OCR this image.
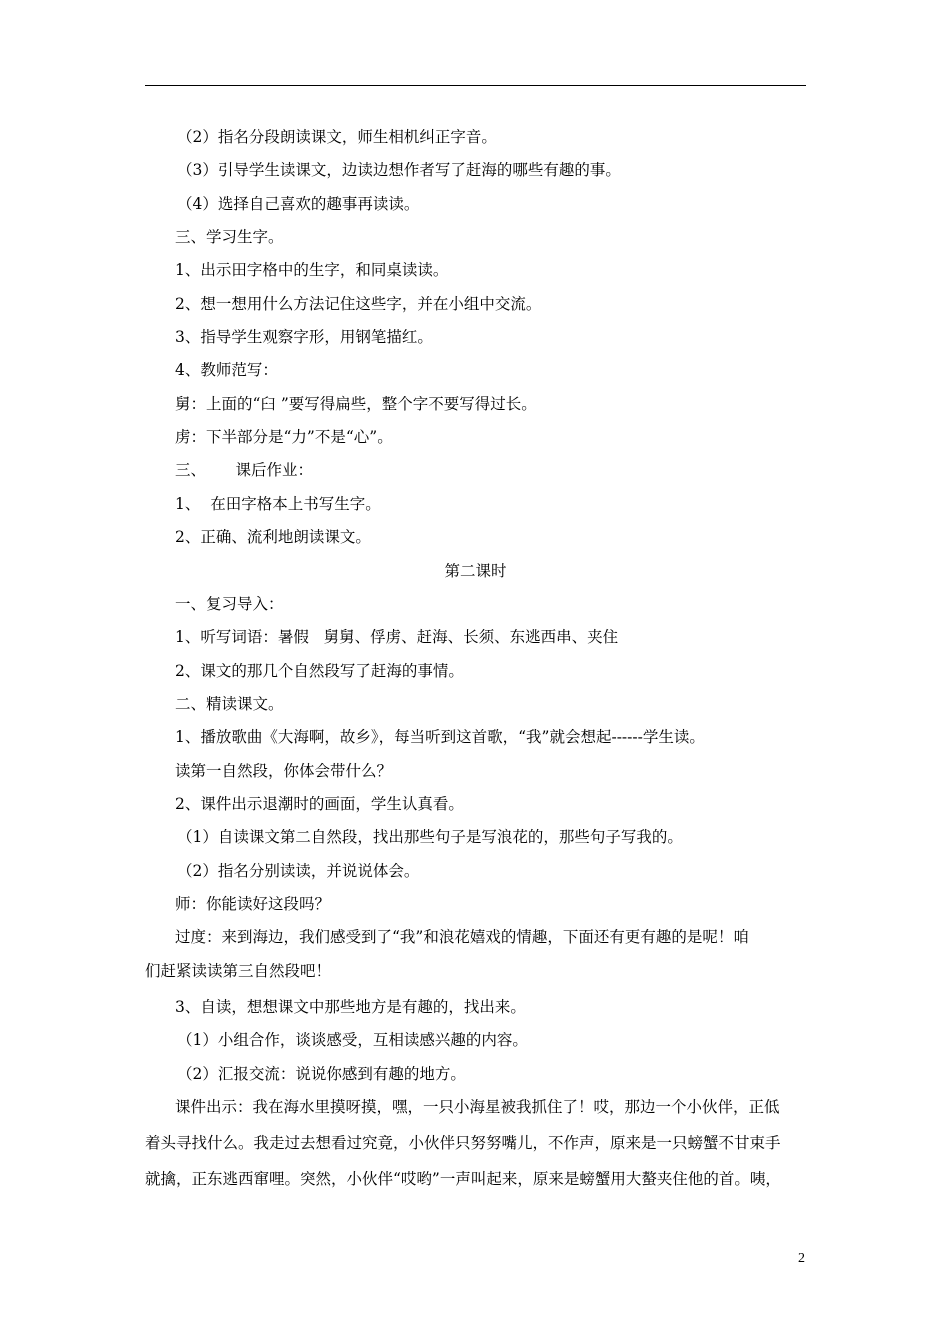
（2）指名分段朗读课文，师生相机纠正字音。
（3）引导学生读课文，边读边想作者写了赶海的哪些有趣的事。
（4）选择自己喜欢的趣事再读读。
三、学习生字。
1、出示田字格中的生字，和同桌读读。
2、想一想用什么方法记住这些字，并在小组中交流。
3、指导学生观察字形，用钢笔描红。
4、教师范写：
舅：上面的“臼 ”要写得扁些，整个字不要写得过长。
虏：下半部分是“力”不是“心”。
三、      课后作业：
1、  在田字格本上书写生字。
2、正确、流利地朗读课文。
第二课时
一、复习导入：
1、听写词语：暑假   舅舅、俘虏、赶海、长须、东逃西串、夹住
2、课文的那几个自然段写了赶海的事情。
二、精读课文。
1、播放歌曲《大海啊，故乡》，每当听到这首歌，“我”就会想起------学生读。
读第一自然段，你体会带什么？
2、课件出示退潮时的画面，学生认真看。
（1）自读课文第二自然段，找出那些句子是写浪花的，那些句子写我的。
（2）指名分别读读，并说说体会。
师：你能读好这段吗？
过度：来到海边，我们感受到了“我”和浪花嬉戏的情趣，下面还有更有趣的是呢！咱
们赶紧读读第三自然段吧！
3、自读，想想课文中那些地方是有趣的，找出来。
（1）小组合作，谈谈感受，互相读感兴趣的内容。
（2）汇报交流：说说你感到有趣的地方。
课件出示：我在海水里摸呀摸，嘿，一只小海星被我抓住了！哎，那边一个小伙伴，正低
着头寻找什么。我走过去想看过究竟，小伙伴只努努嘴儿，不作声，原来是一只螃蟹不甘束手
就擒，正东逃西窜哩。突然，小伙伴“哎哟”一声叫起来，原来是螃蟹用大螯夹住他的首。咦，
2
